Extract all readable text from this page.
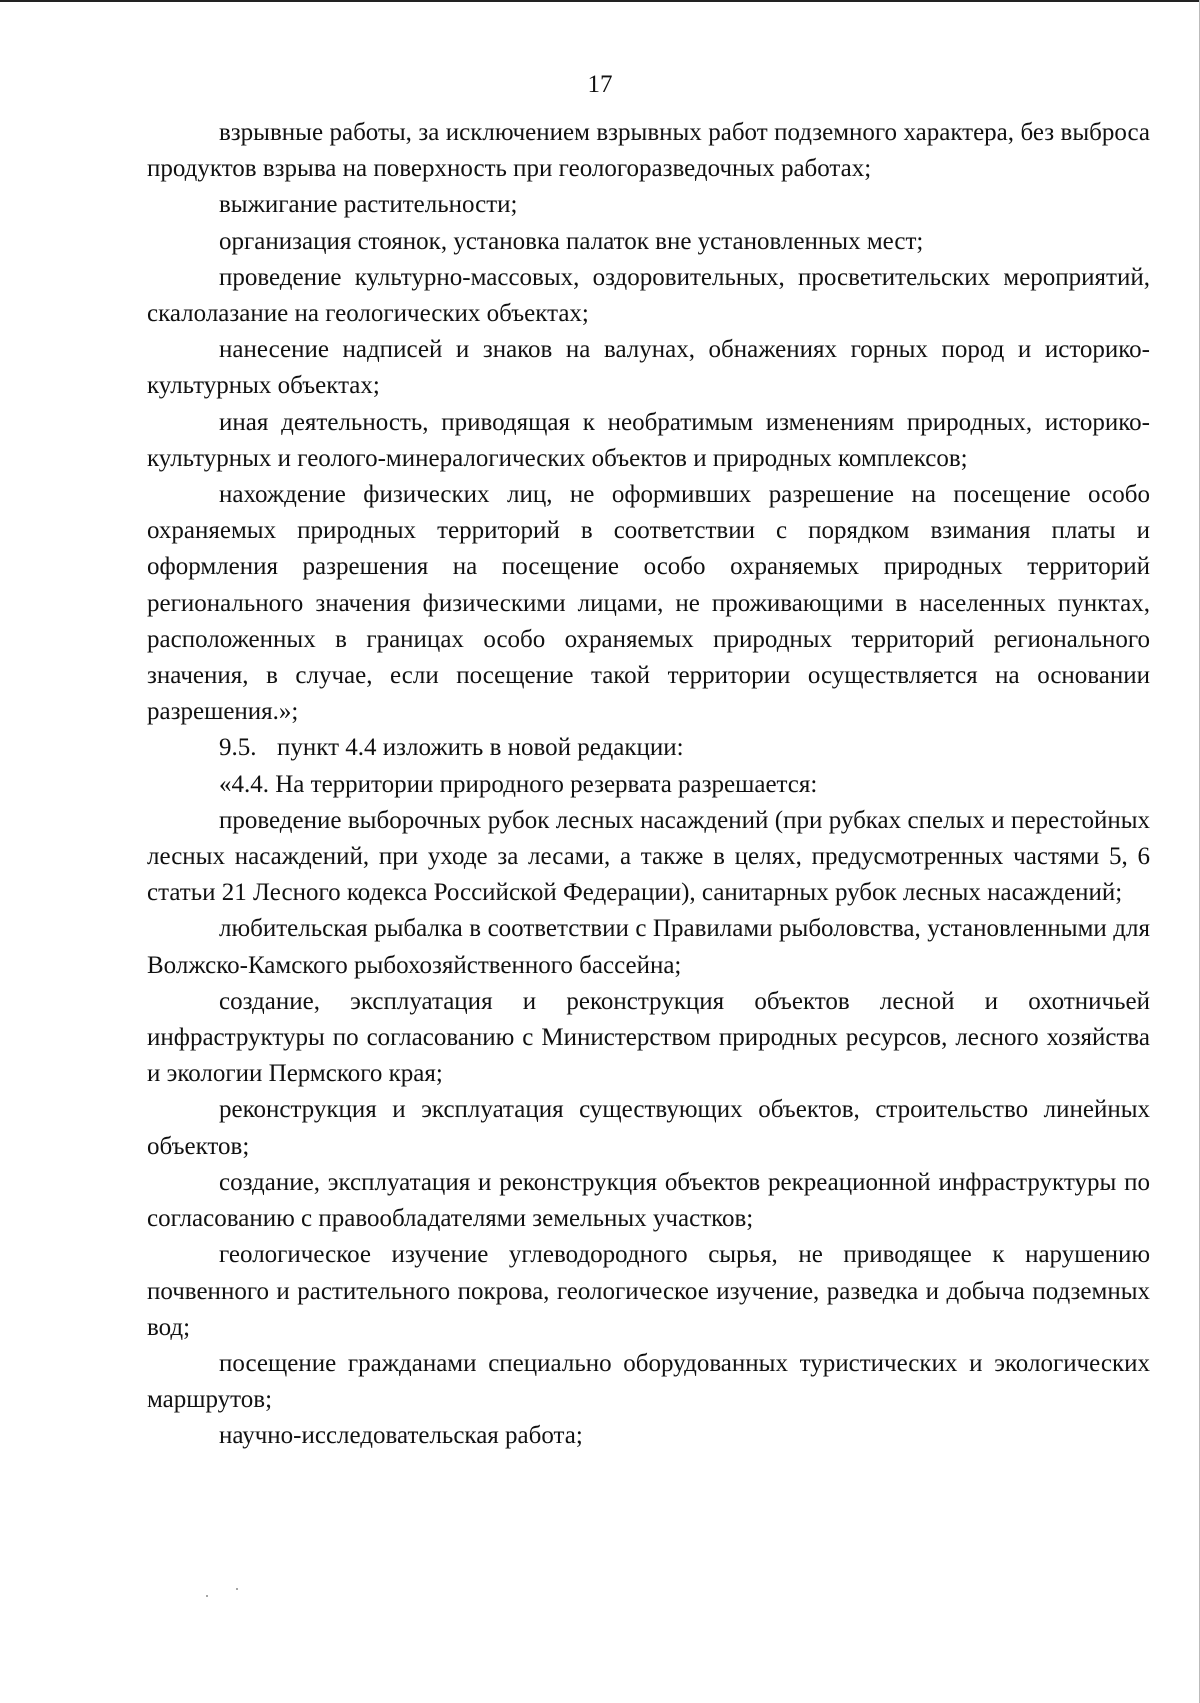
17

взрывные работы, за исключением взрывных работ подземного характера, без выброса продуктов взрыва на поверхность при геологоразведочных работах;

выжигание растительности;

организация стоянок, установка палаток вне установленных мест;

проведение культурно-массовых, оздоровительных, просветительских мероприятий, скалолазание на геологических объектах;

нанесение надписей и знаков на валунах, обнажениях горных пород и историко-культурных объектах;

иная деятельность, приводящая к необратимым изменениям природных, историко-культурных и геолого-минералогических объектов и природных комплексов;

нахождение физических лиц, не оформивших разрешение на посещение особо охраняемых природных территорий в соответствии с порядком взимания платы и оформления разрешения на посещение особо охраняемых природных территорий регионального значения физическими лицами, не проживающими в населенных пунктах, расположенных в границах особо охраняемых природных территорий регионального значения, в случае, если посещение такой территории осуществляется на основании разрешения.»;

9.5. пункт 4.4 изложить в новой редакции:

«4.4. На территории природного резервата разрешается:

проведение выборочных рубок лесных насаждений (при рубках спелых и перестойных лесных насаждений, при уходе за лесами, а также в целях, предусмотренных частями 5, 6 статьи 21 Лесного кодекса Российской Федерации), санитарных рубок лесных насаждений;

любительская рыбалка в соответствии с Правилами рыболовства, установленными для Волжско-Камского рыбохозяйственного бассейна;

создание, эксплуатация и реконструкция объектов лесной и охотничьей инфраструктуры по согласованию с Министерством природных ресурсов, лесного хозяйства и экологии Пермского края;

реконструкция и эксплуатация существующих объектов, строительство линейных объектов;

создание, эксплуатация и реконструкция объектов рекреационной инфраструктуры по согласованию с правообладателями земельных участков;

геологическое изучение углеводородного сырья, не приводящее к нарушению почвенного и растительного покрова, геологическое изучение, разведка и добыча подземных вод;

посещение гражданами специально оборудованных туристических и экологических маршрутов;

научно-исследовательская работа;
